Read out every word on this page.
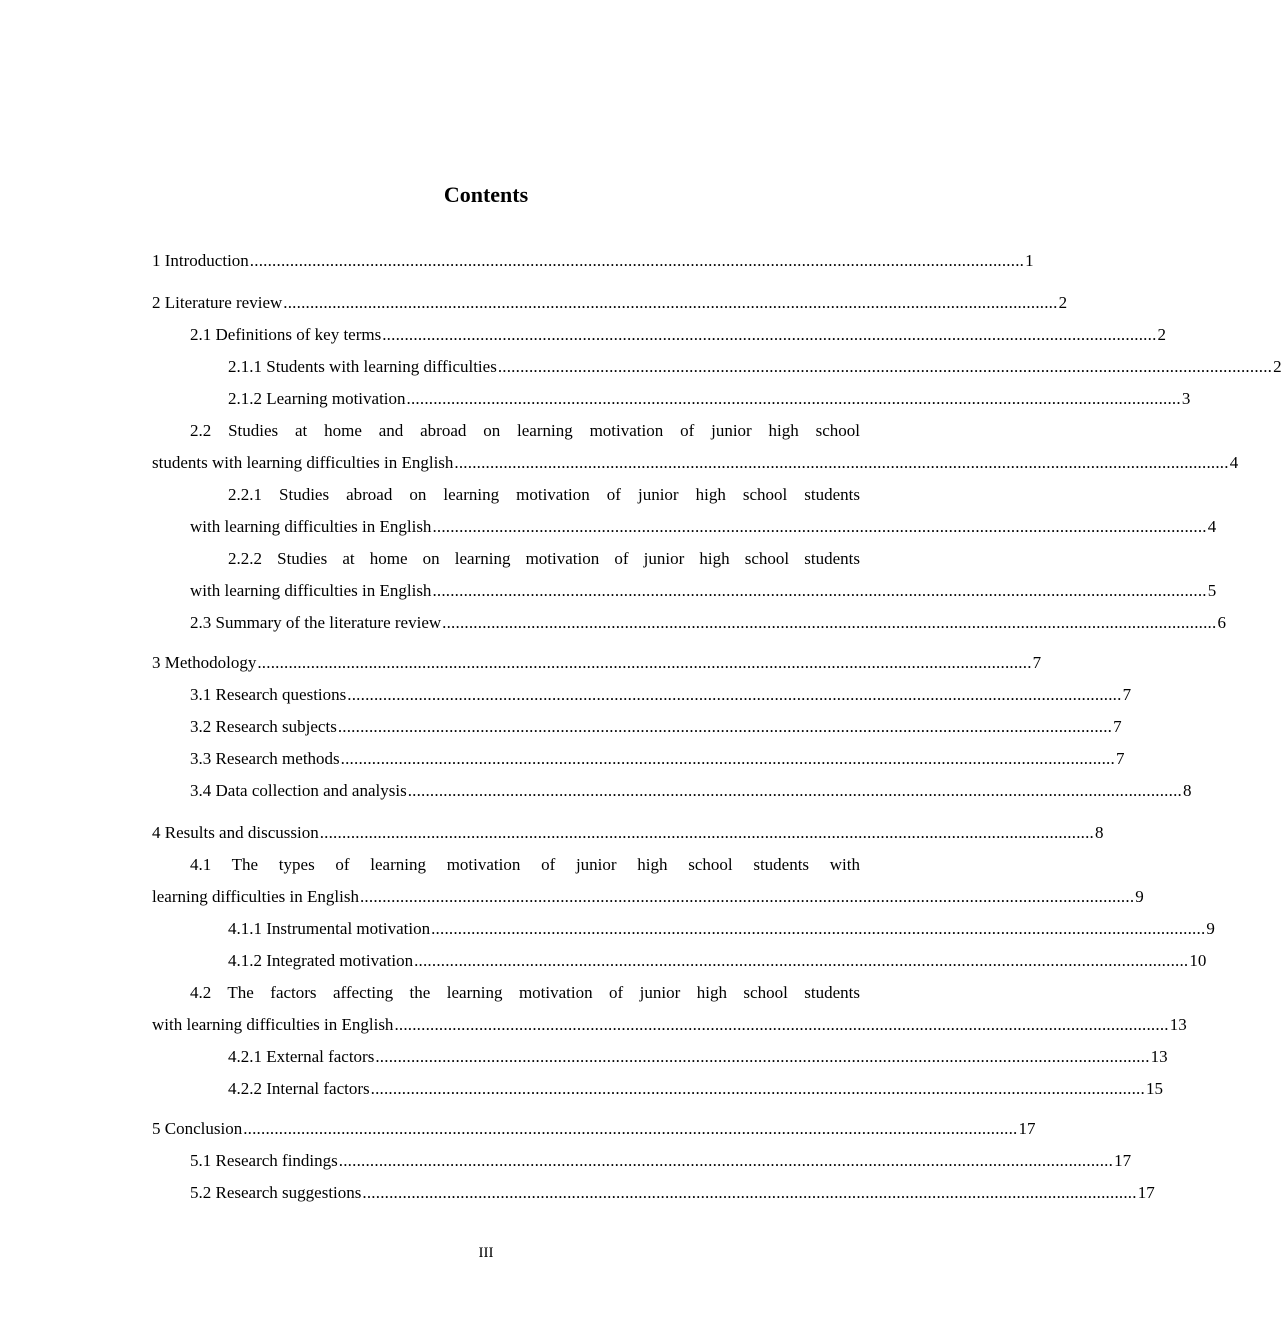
Contents
1 Introduction .............................................................................................................................................................................. 1
2 Literature review .............................................................................................................................................................................. 2
2.1 Definitions of key terms .............................................................................................................................................................................. 2
2.1.1 Students with learning difficulties .............................................................................................................................................................................. 2
2.1.2 Learning motivation .............................................................................................................................................................................. 3
2.2 Studies at home and abroad on learning motivation of junior high school
students with learning difficulties in English .............................................................................................................................................................................. 4
2.2.1 Studies abroad on learning motivation of junior high school students
with learning difficulties in English .............................................................................................................................................................................. 4
2.2.2 Studies at home on learning motivation of junior high school students
with learning difficulties in English .............................................................................................................................................................................. 5
2.3 Summary of the literature review .............................................................................................................................................................................. 6
3 Methodology .............................................................................................................................................................................. 7
3.1 Research questions .............................................................................................................................................................................. 7
3.2 Research subjects .............................................................................................................................................................................. 7
3.3 Research methods .............................................................................................................................................................................. 7
3.4 Data collection and analysis .............................................................................................................................................................................. 8
4 Results and discussion .............................................................................................................................................................................. 8
4.1 The types of learning motivation of junior high school students with
learning difficulties in English .............................................................................................................................................................................. 9
4.1.1 Instrumental motivation .............................................................................................................................................................................. 9
4.1.2 Integrated motivation .............................................................................................................................................................................. 10
4.2 The factors affecting the learning motivation of junior high school students
with learning difficulties in English .............................................................................................................................................................................. 13
4.2.1 External factors .............................................................................................................................................................................. 13
4.2.2 Internal factors .............................................................................................................................................................................. 15
5 Conclusion .............................................................................................................................................................................. 17
5.1 Research findings .............................................................................................................................................................................. 17
5.2 Research suggestions .............................................................................................................................................................................. 17
III
